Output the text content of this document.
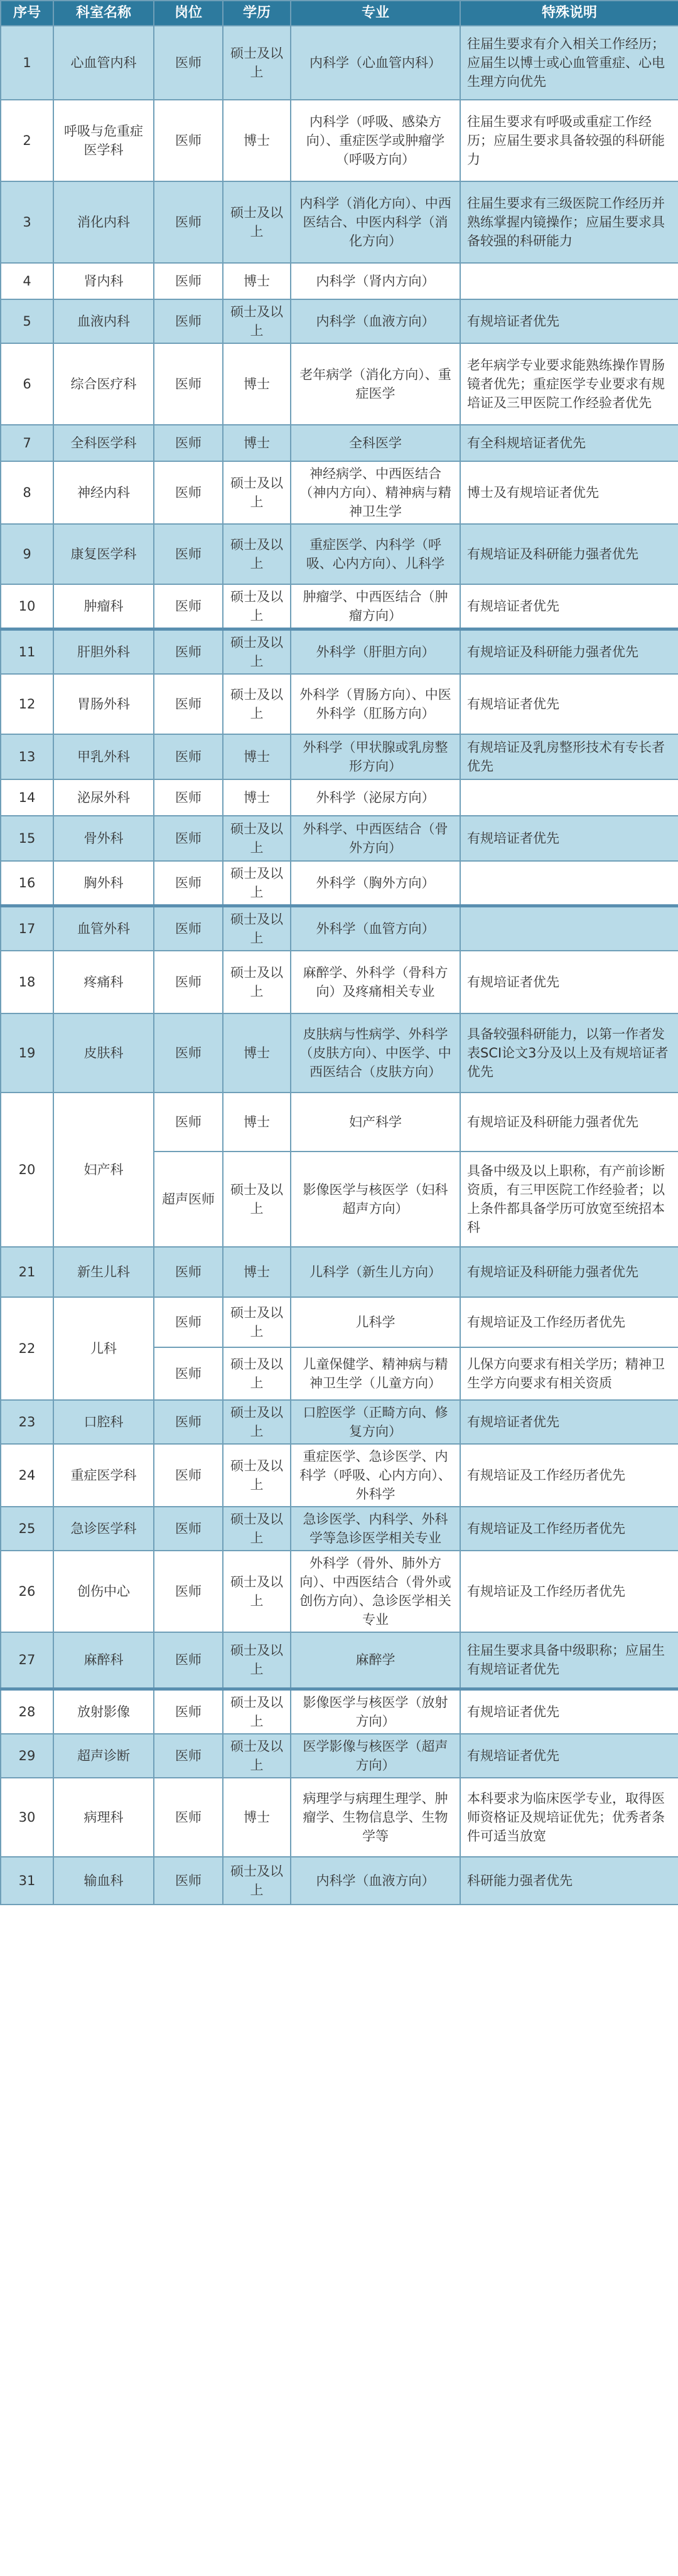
序号	科室名称	岗位	学历	专业	特殊说明
1	心血管内科	医师	硕士及以上	内科学（心血管内科）	往届生要求有介入相关工作经历；应届生以博士或心血管重症、心电生理方向优先
2	呼吸与危重症医学科	医师	博士	内科学（呼吸、感染方向）、重症医学或肿瘤学（呼吸方向）	往届生要求有呼吸或重症工作经历；应届生要求具备较强的科研能力
3	消化内科	医师	硕士及以上	内科学（消化方向）、中西医结合、中医内科学（消化方向）	往届生要求有三级医院工作经历并熟练掌握内镜操作；应届生要求具备较强的科研能力
4	肾内科	医师	博士	内科学（肾内方向）	
5	血液内科	医师	硕士及以上	内科学（血液方向）	有规培证者优先
6	综合医疗科	医师	博士	老年病学（消化方向）、重症医学	老年病学专业要求能熟练操作胃肠镜者优先；重症医学专业要求有规培证及三甲医院工作经验者优先
7	全科医学科	医师	博士	全科医学	有全科规培证者优先
8	神经内科	医师	硕士及以上	神经病学、中西医结合（神内方向）、精神病与精神卫生学	博士及有规培证者优先
9	康复医学科	医师	硕士及以上	重症医学、内科学（呼吸、心内方向）、儿科学	有规培证及科研能力强者优先
10	肿瘤科	医师	硕士及以上	肿瘤学、中西医结合（肿瘤方向）	有规培证者优先
11	肝胆外科	医师	硕士及以上	外科学（肝胆方向）	有规培证及科研能力强者优先
12	胃肠外科	医师	硕士及以上	外科学（胃肠方向）、中医外科学（肛肠方向）	有规培证者优先
13	甲乳外科	医师	博士	外科学（甲状腺或乳房整形方向）	有规培证及乳房整形技术有专长者优先
14	泌尿外科	医师	博士	外科学（泌尿方向）	
15	骨外科	医师	硕士及以上	外科学、中西医结合（骨外方向）	有规培证者优先
16	胸外科	医师	硕士及以上	外科学（胸外方向）	
17	血管外科	医师	硕士及以上	外科学（血管方向）	
18	疼痛科	医师	硕士及以上	麻醉学、外科学（骨科方向）及疼痛相关专业	有规培证者优先
19	皮肤科	医师	博士	皮肤病与性病学、外科学（皮肤方向）、中医学、中西医结合（皮肤方向）	具备较强科研能力，以第一作者发表SCI论文3分及以上及有规培证者优先
20	妇产科	医师	博士	妇产科学	有规培证及科研能力强者优先
		超声医师	硕士及以上	影像医学与核医学（妇科超声方向）	具备中级及以上职称，有产前诊断资质，有三甲医院工作经验者；以上条件都具备学历可放宽至统招本科
21	新生儿科	医师	博士	儿科学（新生儿方向）	有规培证及科研能力强者优先
22	儿科	医师	硕士及以上	儿科学	有规培证及工作经历者优先
		医师	硕士及以上	儿童保健学、精神病与精神卫生学（儿童方向）	儿保方向要求有相关学历；精神卫生学方向要求有相关资质
23	口腔科	医师	硕士及以上	口腔医学（正畸方向、修复方向）	有规培证者优先
24	重症医学科	医师	硕士及以上	重症医学、急诊医学、内科学（呼吸、心内方向）、外科学	有规培证及工作经历者优先
25	急诊医学科	医师	硕士及以上	急诊医学、内科学、外科学等急诊医学相关专业	有规培证及工作经历者优先
26	创伤中心	医师	硕士及以上	外科学（骨外、肺外方向）、中西医结合（骨外或创伤方向）、急诊医学相关专业	有规培证及工作经历者优先
27	麻醉科	医师	硕士及以上	麻醉学	往届生要求具备中级职称；应届生有规培证者优先
28	放射影像	医师	硕士及以上	影像医学与核医学（放射方向）	有规培证者优先
29	超声诊断	医师	硕士及以上	医学影像与核医学（超声方向）	有规培证者优先
30	病理科	医师	博士	病理学与病理生理学、肿瘤学、生物信息学、生物学等	本科要求为临床医学专业，取得医师资格证及规培证优先；优秀者条件可适当放宽
31	输血科	医师	硕士及以上	内科学（血液方向）	科研能力强者优先
